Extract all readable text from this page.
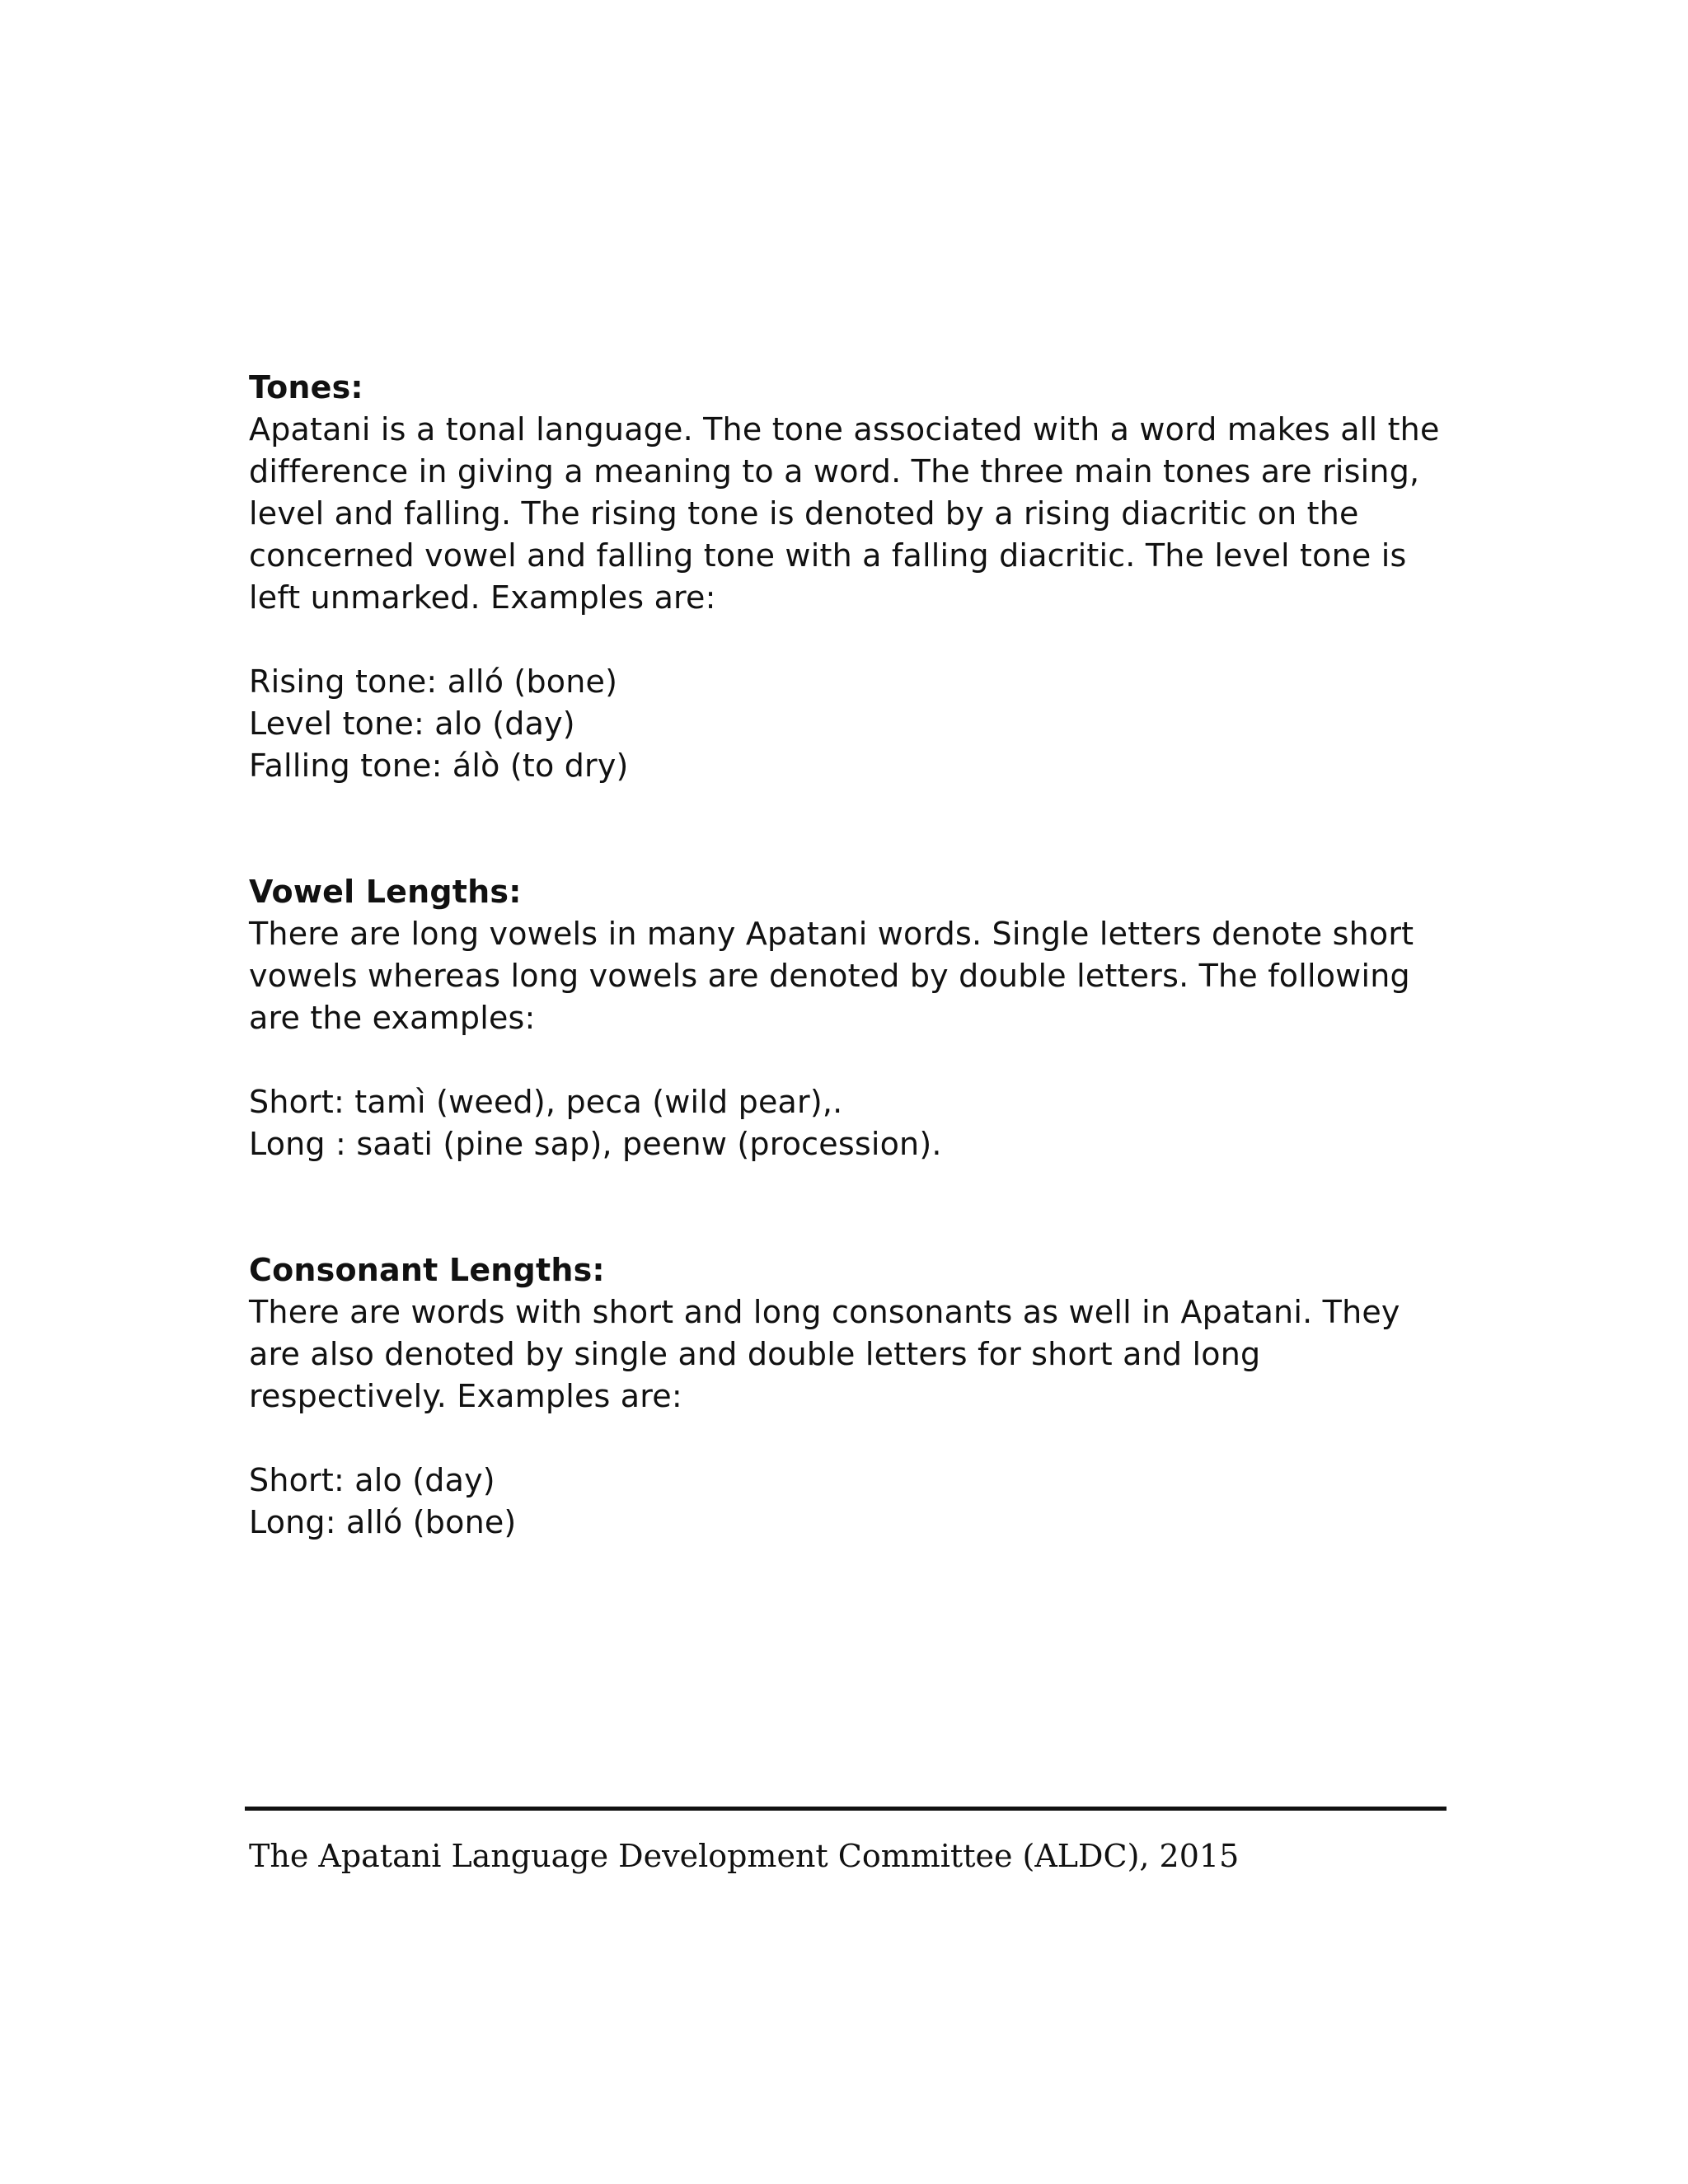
Tones:
Apatani is a tonal language. The tone associated with a word makes all the difference in giving a meaning to a word. The three main tones are rising, level and falling. The rising tone is denoted by a rising diacritic on the concerned vowel and falling tone with a falling diacritic. The level tone is left unmarked. Examples are:
Rising tone: alló (bone)
Level tone: alo (day)
Falling tone: álò (to dry)
Vowel Lengths:
There are long vowels in many Apatani words. Single letters denote short vowels whereas long vowels are denoted by double letters. The following are the examples:
Short: tamì (weed), peca (wild pear),.
Long : saati (pine sap), peenw (procession).
Consonant Lengths:
There are words with short and long consonants as well in Apatani. They are also denoted by single and double letters for short and long respectively. Examples are:
Short: alo (day)
Long: alló (bone)
The Apatani Language Development Committee (ALDC), 2015
